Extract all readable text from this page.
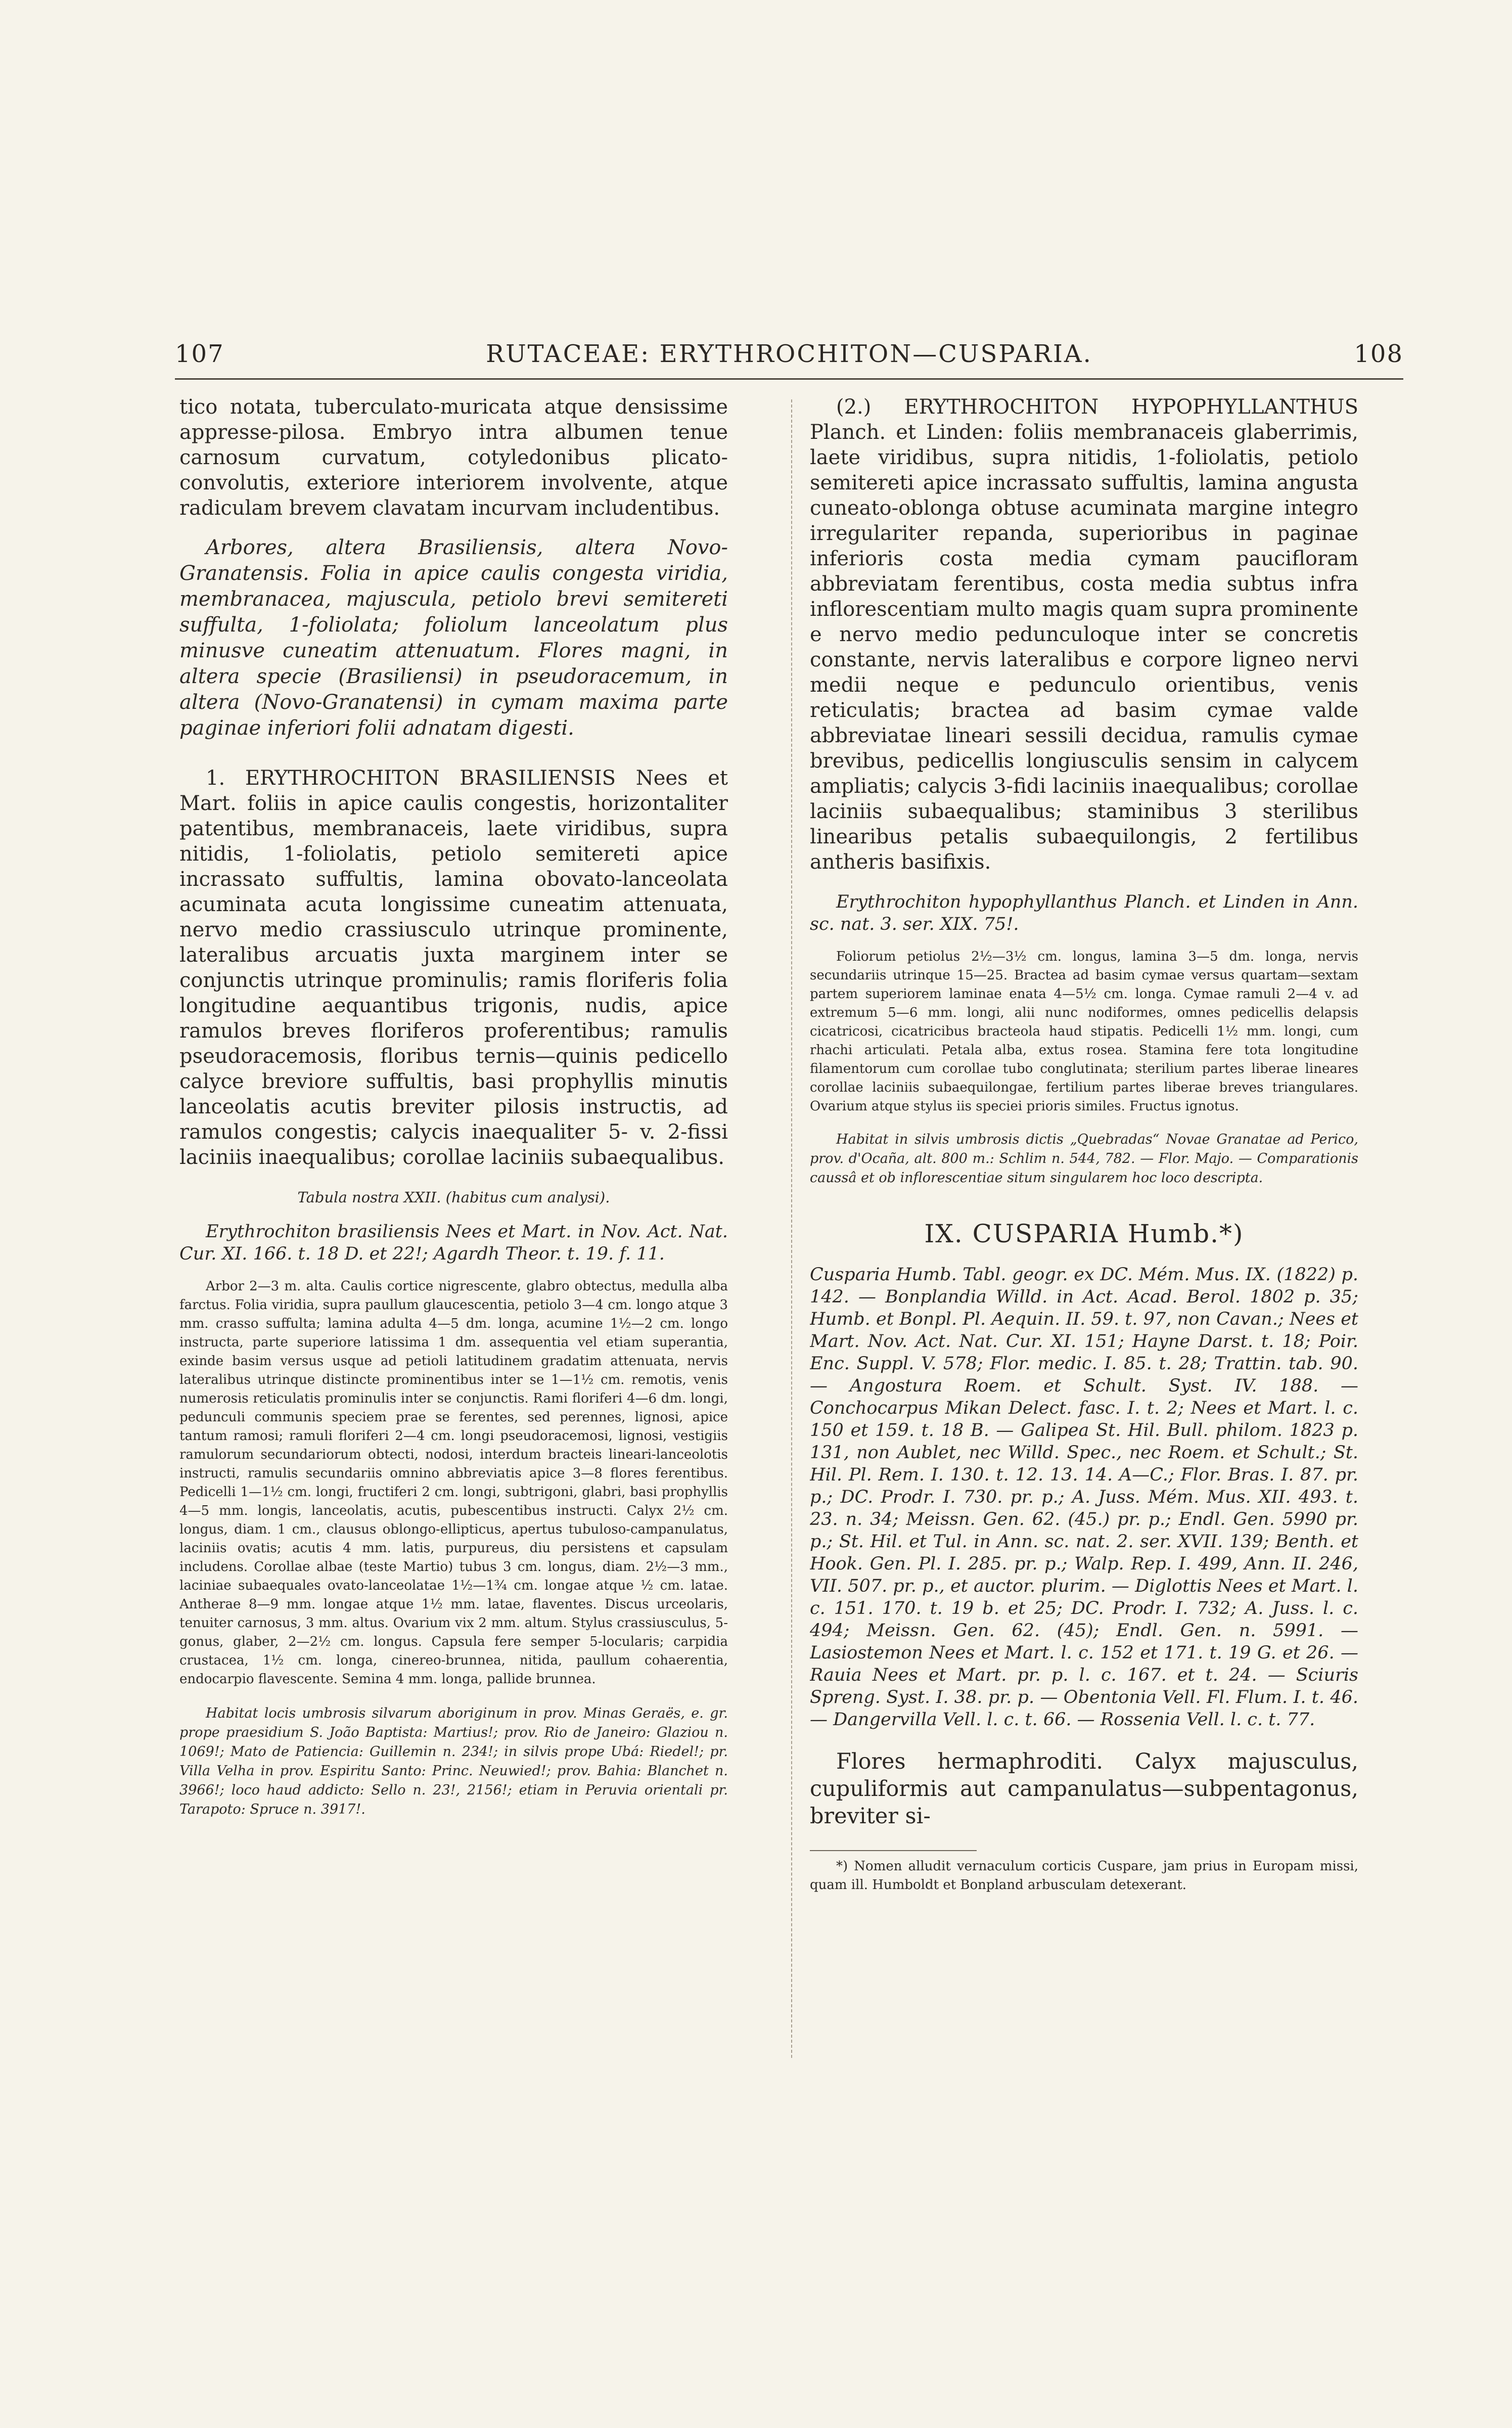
107	RUTACEAE: ERYTHROCHITON—CUSPARIA.	108

tico notata, tuberculato-muricata atque densissime appresse-pilosa. Embryo intra albumen tenue carnosum curvatum, cotyledonibus plicato-convolutis, exteriore interiorem involvente, atque radiculam brevem clavatam incurvam includentibus.

Arbores, altera Brasiliensis, altera Novo-Granatensis. Folia in apice caulis congesta viridia, membranacea, majuscula, petiolo brevi semitereti suffulta, 1-foliolata; foliolum lanceolatum plus minusve cuneatim attenuatum. Flores magni, in altera specie (Brasiliensi) in pseudoracemum, in altera (Novo-Granatensi) in cymam maxima parte paginae inferiori folii adnatam digesti.

1. ERYTHROCHITON BRASILIENSIS Nees et Mart. foliis in apice caulis congestis, horizontaliter patentibus, membranaceis, laete viridibus, supra nitidis, 1-foliolatis, petiolo semitereti apice incrassato suffultis, lamina obovato-lanceolata acuminata acuta longissime cuneatim attenuata, nervo medio crassiusculo utrinque prominente, lateralibus arcuatis juxta marginem inter se conjunctis utrinque prominulis; ramis floriferis folia longitudine aequantibus trigonis, nudis, apice ramulos breves floriferos proferentibus; ramulis pseudoracemosis, floribus ternis—quinis pedicello calyce breviore suffultis, basi prophyllis minutis lanceolatis acutis breviter pilosis instructis, ad ramulos congestis; calycis inaequaliter 5- v. 2-fissi laciniis inaequalibus; corollae laciniis subaequalibus.

Tabula nostra XXII. (habitus cum analysi).

Erythrochiton brasiliensis Nees et Mart. in Nov. Act. Nat. Cur. XI. 166. t. 18 D. et 22!; Agardh Theor. t. 19. f. 11.

Arbor 2—3 m. alta. Caulis cortice nigrescente, glabro obtectus, medulla alba farctus. Folia viridia, supra paullum glaucescentia, petiolo 3—4 cm. longo atque 3 mm. crasso suffulta; lamina adulta 4—5 dm. longa, acumine 1½—2 cm. longo instructa, parte superiore latissima 1 dm. assequentia vel etiam superantia, exinde basim versus usque ad petioli latitudinem gradatim attenuata, nervis lateralibus utrinque distincte prominentibus inter se 1—1½ cm. remotis, venis numerosis reticulatis prominulis inter se conjunctis. Rami floriferi 4—6 dm. longi, pedunculi communis speciem prae se ferentes, sed perennes, lignosi, apice tantum ramosi; ramuli floriferi 2—4 cm. longi pseudoracemosi, lignosi, vestigiis ramulorum secundariorum obtecti, nodosi, interdum bracteis lineari-lanceolotis instructi, ramulis secundariis omnino abbreviatis apice 3—8 flores ferentibus. Pedicelli 1—1½ cm. longi, fructiferi 2 cm. longi, subtrigoni, glabri, basi prophyllis 4—5 mm. longis, lanceolatis, acutis, pubescentibus instructi. Calyx 2½ cm. longus, diam. 1 cm., clausus oblongo-ellipticus, apertus tubuloso-campanulatus, laciniis ovatis; acutis 4 mm. latis, purpureus, diu persistens et capsulam includens. Corollae albae (teste Martio) tubus 3 cm. longus, diam. 2½—3 mm., laciniae subaequales ovato-lanceolatae 1½—1¾ cm. longae atque ½ cm. latae. Antherae 8—9 mm. longae atque 1½ mm. latae, flaventes. Discus urceolaris, tenuiter carnosus, 3 mm. altus. Ovarium vix 2 mm. altum. Stylus crassiusculus, 5-gonus, glaber, 2—2½ cm. longus. Capsula fere semper 5-locularis; carpidia crustacea, 1½ cm. longa, cinereo-brunnea, nitida, paullum cohaerentia, endocarpio flavescente. Semina 4 mm. longa, pallide brunnea.

Habitat locis umbrosis silvarum aboriginum in prov. Minas Geraës, e. gr. prope praesidium S. João Baptista: Martius!; prov. Rio de Janeiro: Glaziou n. 1069!; Mato de Patiencia: Guillemin n. 234!; in silvis prope Ubá: Riedel!; pr. Villa Velha in prov. Espiritu Santo: Princ. Neuwied!; prov. Bahia: Blanchet n. 3966!; loco haud addicto: Sello n. 23!, 2156!; etiam in Peruvia orientali pr. Tarapoto: Spruce n. 3917!.

(2.) ERYTHROCHITON HYPOPHYLLANTHUS Planch. et Linden: foliis membranaceis glaberrimis, laete viridibus, supra nitidis, 1-foliolatis, petiolo semitereti apice incrassato suffultis, lamina angusta cuneato-oblonga obtuse acuminata margine integro irregulariter repanda, superioribus in paginae inferioris costa media cymam paucifloram abbreviatam ferentibus, costa media subtus infra inflorescentiam multo magis quam supra prominente e nervo medio pedunculoque inter se concretis constante, nervis lateralibus e corpore ligneo nervi medii neque e pedunculo orientibus, venis reticulatis; bractea ad basim cymae valde abbreviatae lineari sessili decidua, ramulis cymae brevibus, pedicellis longiusculis sensim in calycem ampliatis; calycis 3-fidi laciniis inaequalibus; corollae laciniis subaequalibus; staminibus 3 sterilibus linearibus petalis subaequilongis, 2 fertilibus antheris basifixis.

Erythrochiton hypophyllanthus Planch. et Linden in Ann. sc. nat. 3. ser. XIX. 75!.

Foliorum petiolus 2½—3½ cm. longus, lamina 3—5 dm. longa, nervis secundariis utrinque 15—25. Bractea ad basim cymae versus quartam—sextam partem superiorem laminae enata 4—5½ cm. longa. Cymae ramuli 2—4 v. ad extremum 5—6 mm. longi, alii nunc nodiformes, omnes pedicellis delapsis cicatricosi, cicatricibus bracteola haud stipatis. Pedicelli 1½ mm. longi, cum rhachi articulati. Petala alba, extus rosea. Stamina fere tota longitudine filamentorum cum corollae tubo conglutinata; sterilium partes liberae lineares corollae laciniis subaequilongae, fertilium partes liberae breves triangulares. Ovarium atque stylus iis speciei prioris similes. Fructus ignotus.

Habitat in silvis umbrosis dictis „Quebradas“ Novae Granatae ad Perico, prov. d'Ocaña, alt. 800 m.: Schlim n. 544, 782. — Flor. Majo. — Comparationis caussâ et ob inflorescentiae situm singularem hoc loco descripta.

IX. CUSPARIA Humb.*)

Cusparia Humb. Tabl. geogr. ex DC. Mém. Mus. IX. (1822) p. 142. — Bonplandia Willd. in Act. Acad. Berol. 1802 p. 35; Humb. et Bonpl. Pl. Aequin. II. 59. t. 97, non Cavan.; Nees et Mart. Nov. Act. Nat. Cur. XI. 151; Hayne Darst. t. 18; Poir. Enc. Suppl. V. 578; Flor. medic. I. 85. t. 28; Trattin. tab. 90. — Angostura Roem. et Schult. Syst. IV. 188. — Conchocarpus Mikan Delect. fasc. I. t. 2; Nees et Mart. l. c. 150 et 159. t. 18 B. — Galipea St. Hil. Bull. philom. 1823 p. 131, non Aublet, nec Willd. Spec., nec Roem. et Schult.; St. Hil. Pl. Rem. I. 130. t. 12. 13. 14. A—C.; Flor. Bras. I. 87. pr. p.; DC. Prodr. I. 730. pr. p.; A. Juss. Mém. Mus. XII. 493. t. 23. n. 34; Meissn. Gen. 62. (45.) pr. p.; Endl. Gen. 5990 pr. p.; St. Hil. et Tul. in Ann. sc. nat. 2. ser. XVII. 139; Benth. et Hook. Gen. Pl. I. 285. pr. p.; Walp. Rep. I. 499, Ann. II. 246, VII. 507. pr. p., et auctor. plurim. — Diglottis Nees et Mart. l. c. 151. 170. t. 19 b. et 25; DC. Prodr. I. 732; A. Juss. l. c. 494; Meissn. Gen. 62. (45); Endl. Gen. n. 5991. — Lasiostemon Nees et Mart. l. c. 152 et 171. t. 19 G. et 26. — Rauia Nees et Mart. pr. p. l. c. 167. et t. 24. — Sciuris Spreng. Syst. I. 38. pr. p. — Obentonia Vell. Fl. Flum. I. t. 46. — Dangervilla Vell. l. c. t. 66. — Rossenia Vell. l. c. t. 77.

Flores hermaphroditi. Calyx majusculus, cupuliformis aut campanulatus—subpentagonus, breviter si-

*) Nomen alludit vernaculum corticis Cuspare, jam prius in Europam missi, quam ill. Humboldt et Bonpland arbusculam detexerant.
